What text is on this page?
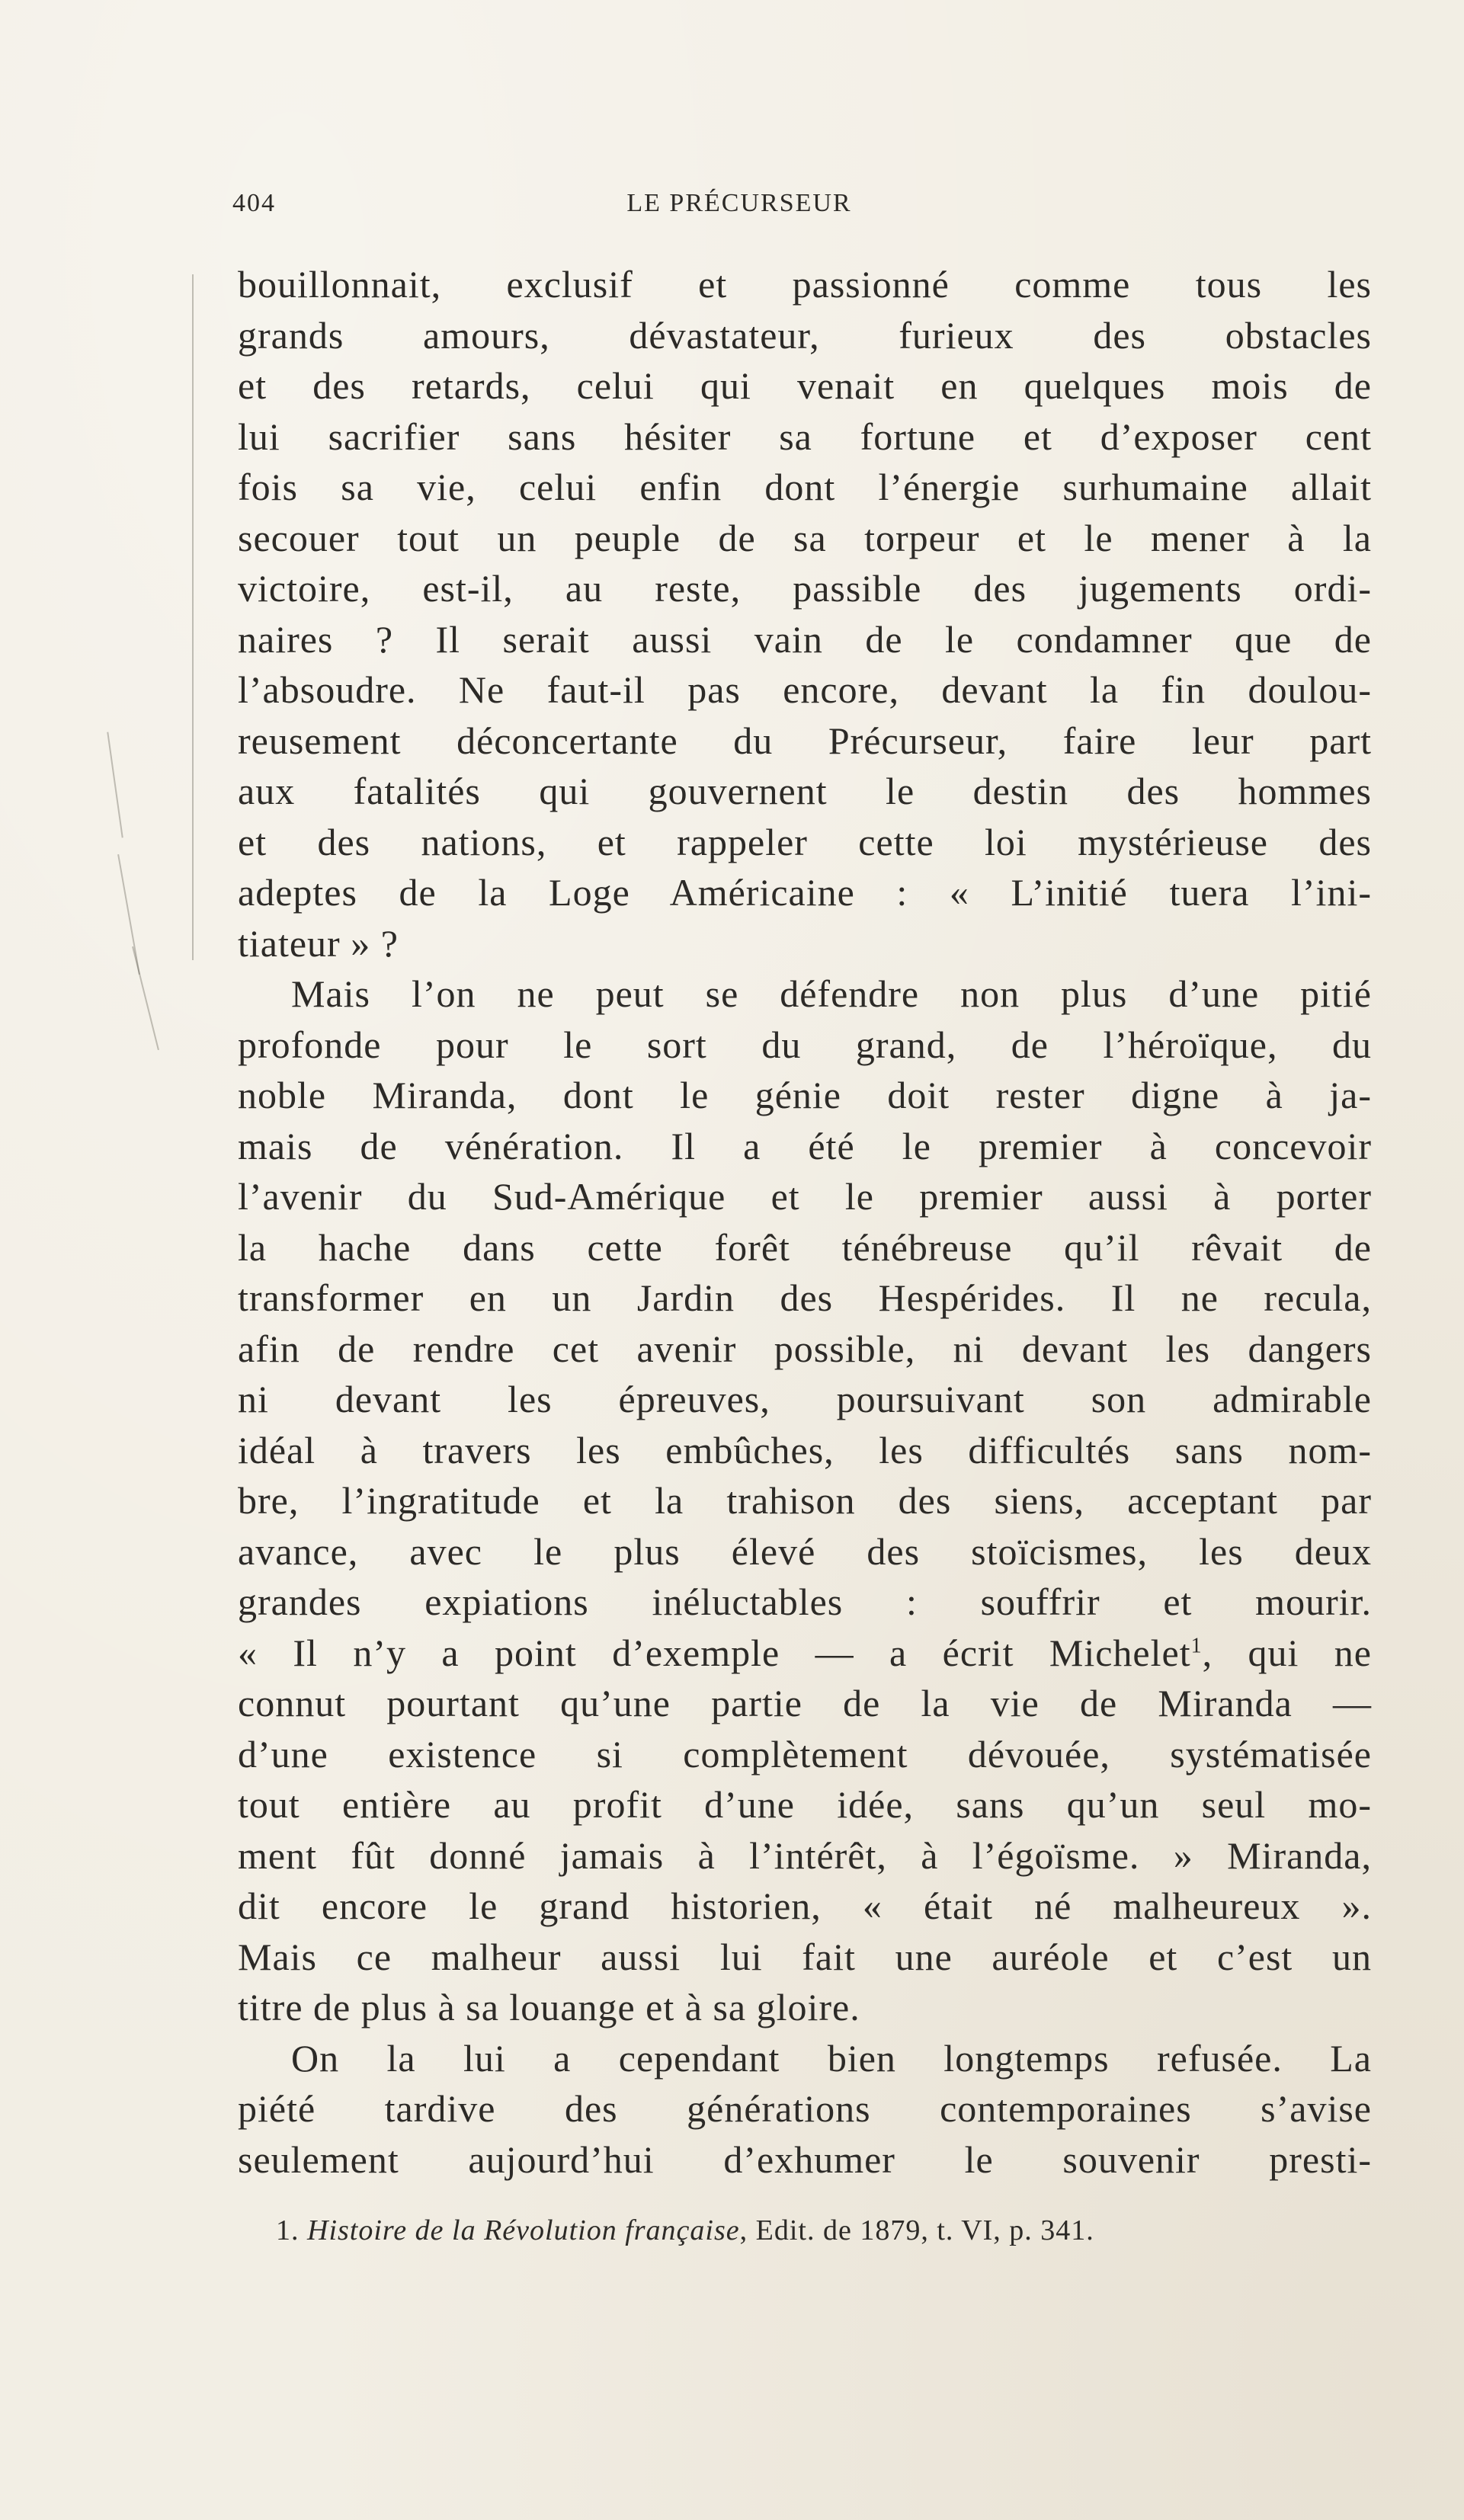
404	LE PRÉCURSEUR
bouillonnait, exclusif et passionné comme tous les
grands amours, dévastateur, furieux des obstacles
et des retards, celui qui venait en quelques mois de
lui sacrifier sans hésiter sa fortune et d’exposer cent
fois sa vie, celui enfin dont l’énergie surhumaine allait
secouer tout un peuple de sa torpeur et le mener à la
victoire, est-il, au reste, passible des jugements ordi-
naires ? Il serait aussi vain de le condamner que de
l’absoudre. Ne faut-il pas encore, devant la fin doulou-
reusement déconcertante du Précurseur, faire leur part
aux fatalités qui gouvernent le destin des hommes
et des nations, et rappeler cette loi mystérieuse des
adeptes de la Loge Américaine : « L’initié tuera l’ini-
tiateur » ?
Mais l’on ne peut se défendre non plus d’une pitié
profonde pour le sort du grand, de l’héroïque, du
noble Miranda, dont le génie doit rester digne à ja-
mais de vénération. Il a été le premier à concevoir
l’avenir du Sud-Amérique et le premier aussi à porter
la hache dans cette forêt ténébreuse qu’il rêvait de
transformer en un Jardin des Hespérides. Il ne recula,
afin de rendre cet avenir possible, ni devant les dangers
ni devant les épreuves, poursuivant son admirable
idéal à travers les embûches, les difficultés sans nom-
bre, l’ingratitude et la trahison des siens, acceptant par
avance, avec le plus élevé des stoïcismes, les deux
grandes expiations inéluctables : souffrir et mourir.
« Il n’y a point d’exemple — a écrit Michelet$^1$, qui ne
connut pourtant qu’une partie de la vie de Miranda —
d’une existence si complètement dévouée, systématisée
tout entière au profit d’une idée, sans qu’un seul mo-
ment fût donné jamais à l’intérêt, à l’égoïsme. » Miranda,
dit encore le grand historien, « était né malheureux ».
Mais ce malheur aussi lui fait une auréole et c’est un
titre de plus à sa louange et à sa gloire.
On la lui a cependant bien longtemps refusée. La
piété tardive des générations contemporaines s’avise
seulement aujourd’hui d’exhumer le souvenir presti-
1. Histoire de la Révolution française, Edit. de 1879, t. VI, p. 341.
